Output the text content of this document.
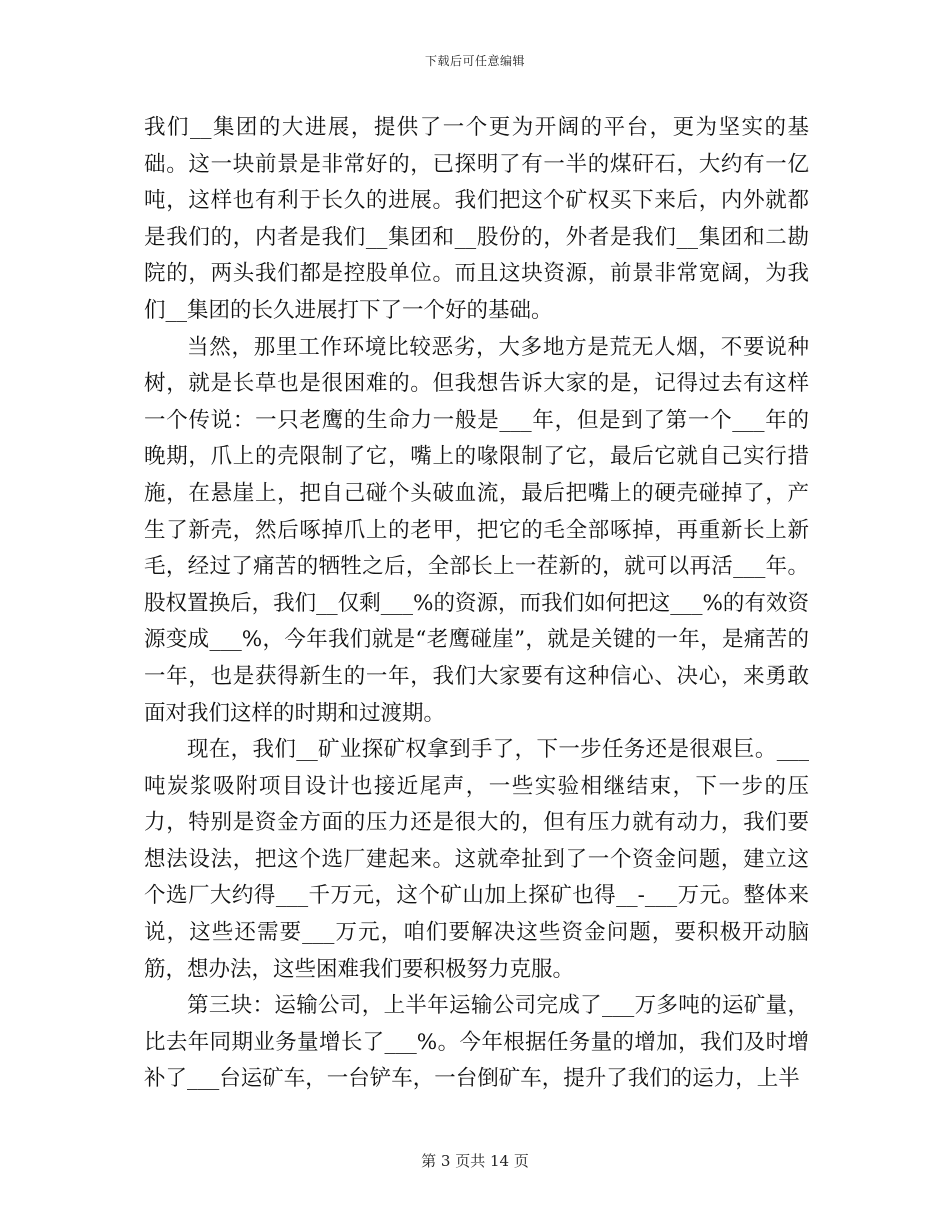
下载后可任意编辑

我们__集团的大进展，提供了一个更为开阔的平台，更为坚实的基础。这一块前景是非常好的，已探明了有一半的煤矸石，大约有一亿吨，这样也有利于长久的进展。我们把这个矿权买下来后，内外就都是我们的，内者是我们__集团和__股份的，外者是我们__集团和二勘院的，两头我们都是控股单位。而且这块资源，前景非常宽阔，为我们__集团的长久进展打下了一个好的基础。

当然，那里工作环境比较恶劣，大多地方是荒无人烟，不要说种树，就是长草也是很困难的。但我想告诉大家的是，记得过去有这样一个传说：一只老鹰的生命力一般是___年，但是到了第一个___年的晚期，爪上的壳限制了它，嘴上的喙限制了它，最后它就自己实行措施，在悬崖上，把自己碰个头破血流，最后把嘴上的硬壳碰掉了，产生了新壳，然后啄掉爪上的老甲，把它的毛全部啄掉，再重新长上新毛，经过了痛苦的牺牲之后，全部长上一茬新的，就可以再活___年。股权置换后，我们__仅剩___%的资源，而我们如何把这___%的有效资源变成___%，今年我们就是“老鹰碰崖”，就是关键的一年，是痛苦的一年，也是获得新生的一年，我们大家要有这种信心、决心，来勇敢面对我们这样的时期和过渡期。

现在，我们__矿业探矿权拿到手了，下一步任务还是很艰巨。___吨炭浆吸附项目设计也接近尾声，一些实验相继结束，下一步的压力，特别是资金方面的压力还是很大的，但有压力就有动力，我们要想法设法，把这个选厂建起来。这就牵扯到了一个资金问题，建立这个选厂大约得___千万元，这个矿山加上探矿也得__-___万元。整体来说，这些还需要___万元，咱们要解决这些资金问题，要积极开动脑筋，想办法，这些困难我们要积极努力克服。

第三块：运输公司，上半年运输公司完成了___万多吨的运矿量，比去年同期业务量增长了___%。今年根据任务量的增加，我们及时增补了___台运矿车，一台铲车，一台倒矿车，提升了我们的运力，上半

第 3 页共 14 页
